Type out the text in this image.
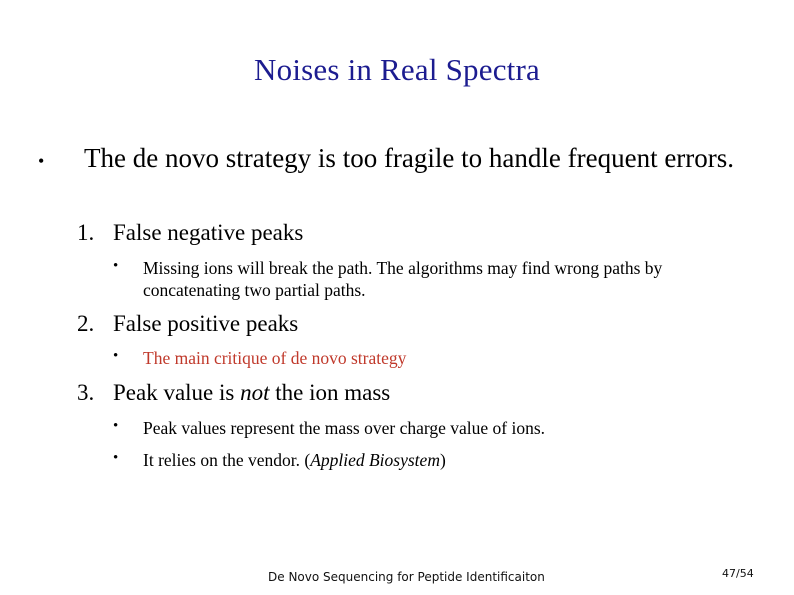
Noises in Real Spectra
• The de novo strategy is too fragile to handle frequent errors.
1. False negative peaks
• Missing ions will break the path. The algorithms may find wrong paths by concatenating two partial paths.
2. False positive peaks
• The main critique of de novo strategy
3. Peak value is not the ion mass
• Peak values represent the mass over charge value of ions.
• It relies on the vendor. (Applied Biosystem)
De Novo Sequencing for Peptide Identificaiton	47/54
